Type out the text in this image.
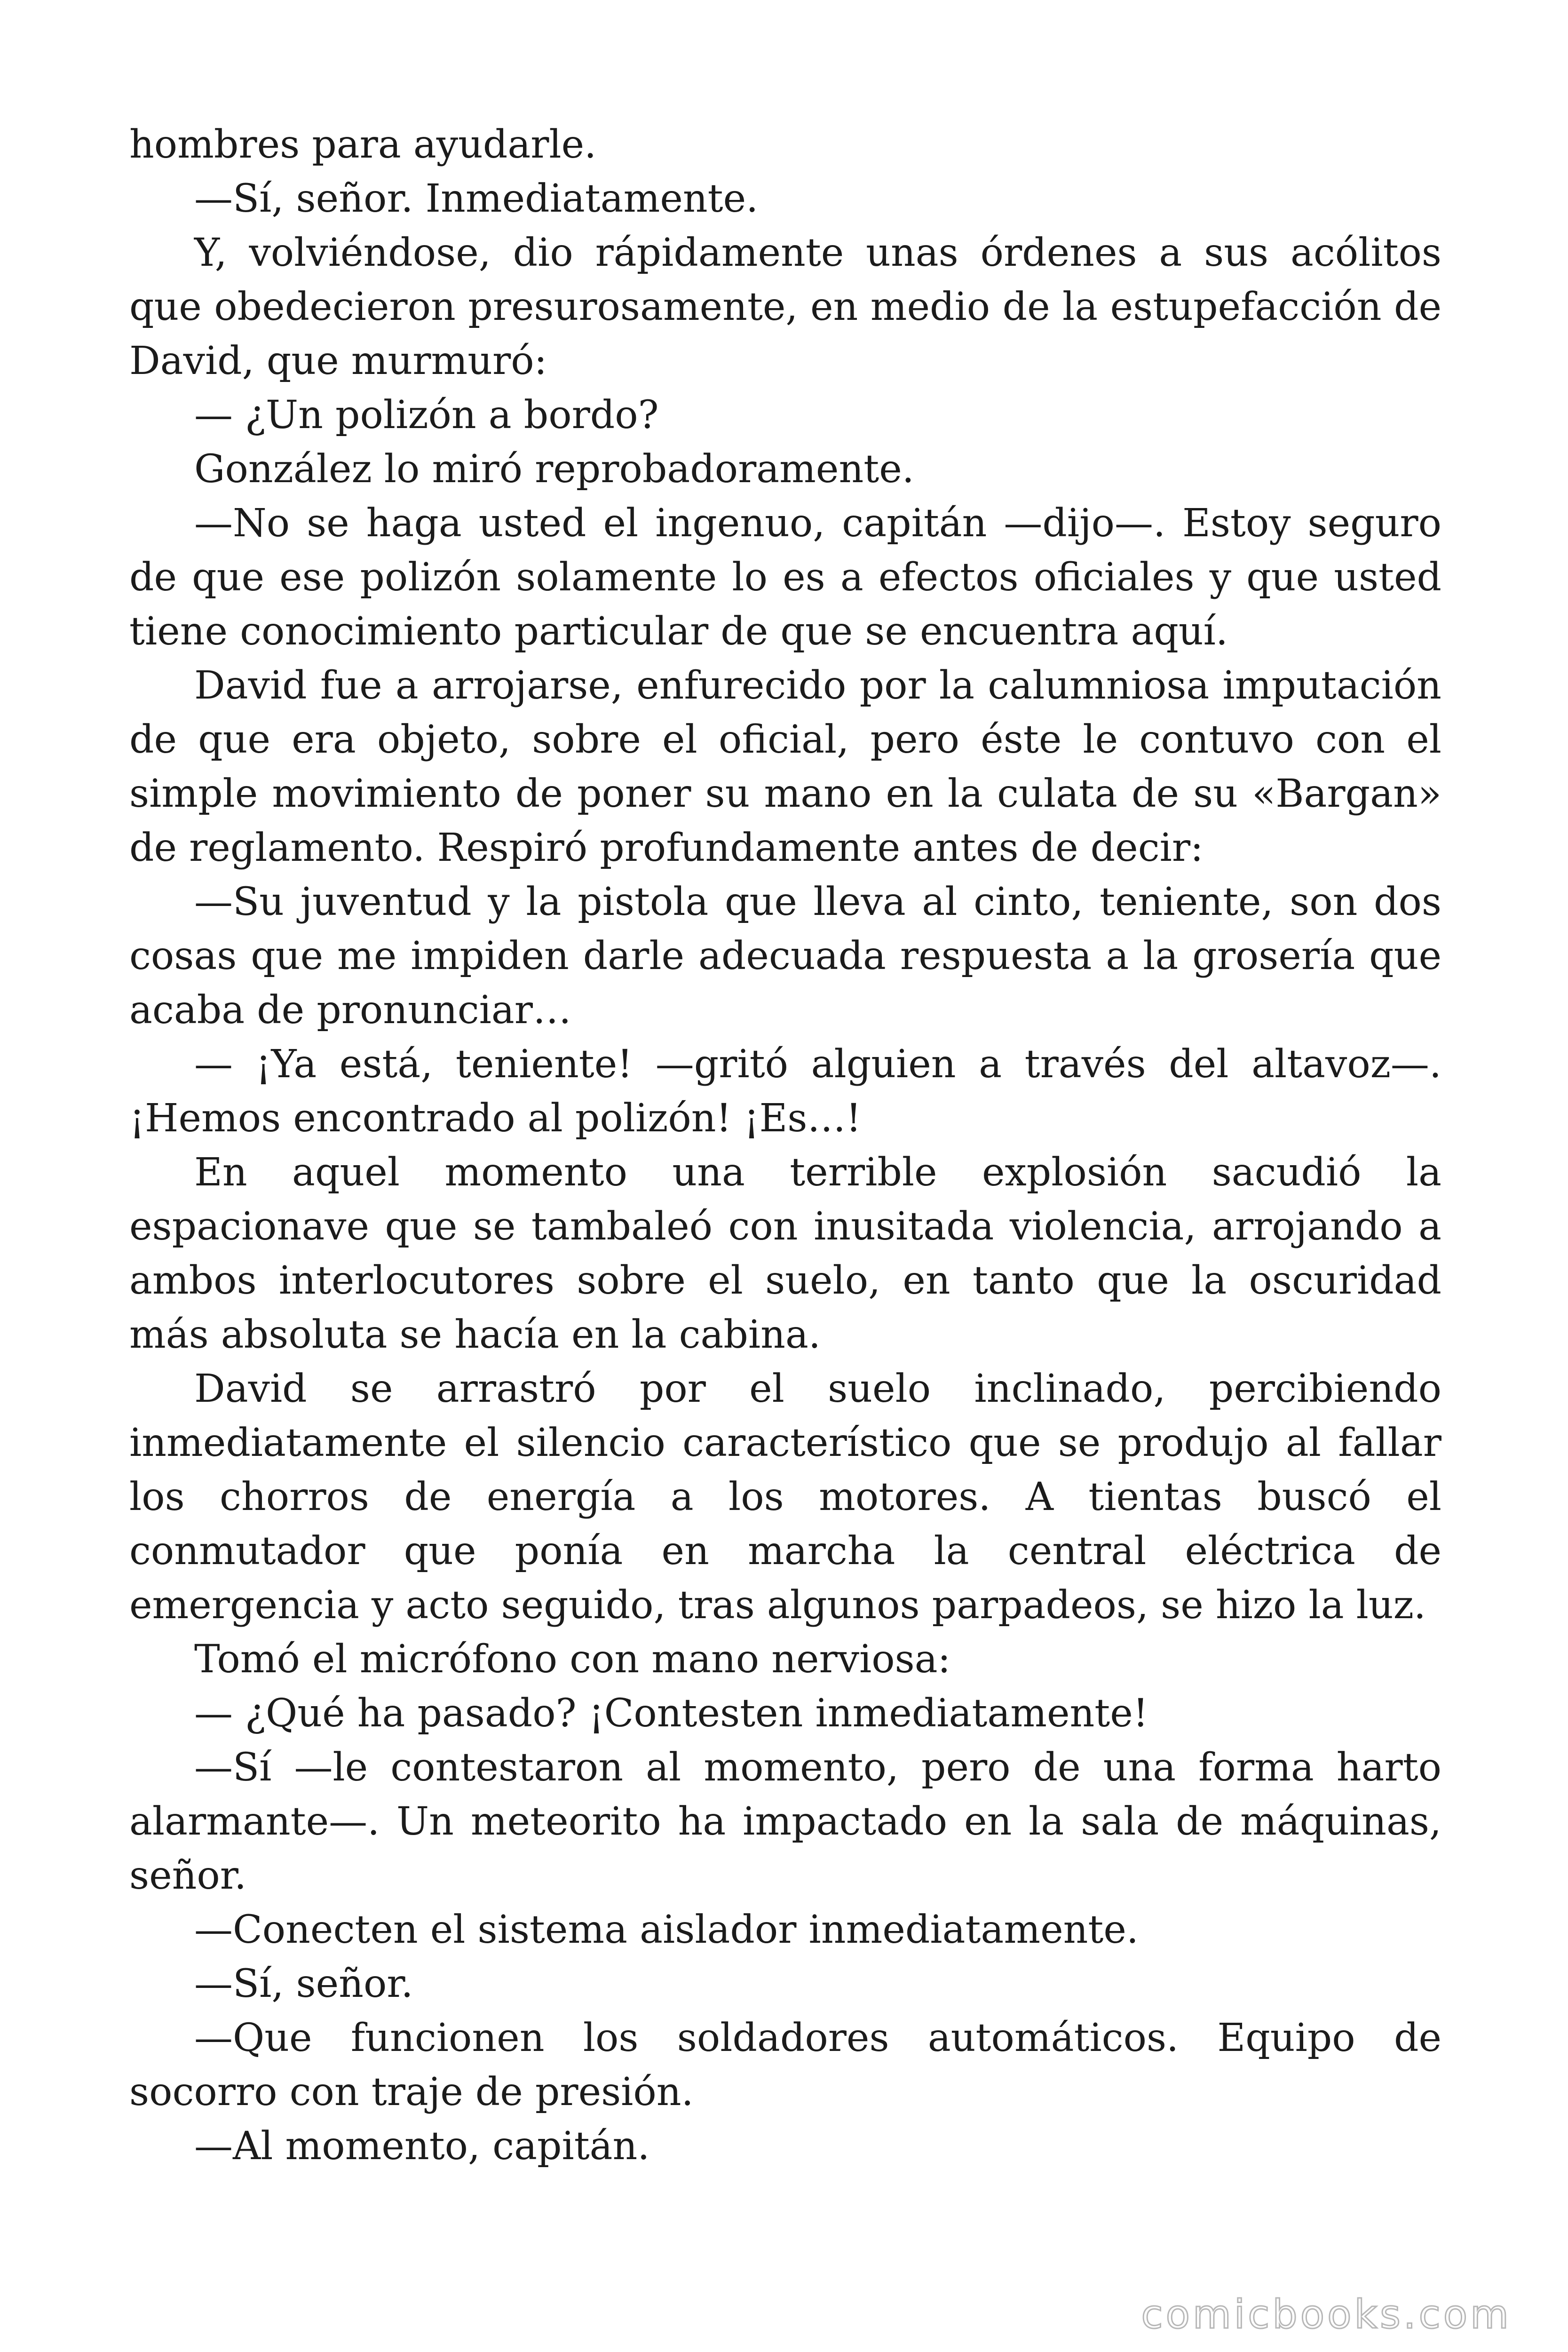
hombres para ayudarle.

—Sí, señor. Inmediatamente.

Y, volviéndose, dio rápidamente unas órdenes a sus acólitos que obedecieron presurosamente, en medio de la estupefacción de David, que murmuró:

— ¿Un polizón a bordo?

González lo miró reprobadoramente.

—No se haga usted el ingenuo, capitán —dijo—. Estoy seguro de que ese polizón solamente lo es a efectos oficiales y que usted tiene conocimiento particular de que se encuentra aquí.

David fue a arrojarse, enfurecido por la calumniosa imputación de que era objeto, sobre el oficial, pero éste le contuvo con el simple movimiento de poner su mano en la culata de su «Bargan» de reglamento. Respiró profundamente antes de decir:

—Su juventud y la pistola que lleva al cinto, teniente, son dos cosas que me impiden darle adecuada respuesta a la grosería que acaba de pronunciar…

— ¡Ya está, teniente! —gritó alguien a través del altavoz—. ¡Hemos encontrado al polizón! ¡Es…!

En aquel momento una terrible explosión sacudió la espacionave que se tambaleó con inusitada violencia, arrojando a ambos interlocutores sobre el suelo, en tanto que la oscuridad más absoluta se hacía en la cabina.

David se arrastró por el suelo inclinado, percibiendo inmediatamente el silencio característico que se produjo al fallar los chorros de energía a los motores. A tientas buscó el conmutador que ponía en marcha la central eléctrica de emergencia y acto seguido, tras algunos parpadeos, se hizo la luz.

Tomó el micrófono con mano nerviosa:

— ¿Qué ha pasado? ¡Contesten inmediatamente!

—Sí —le contestaron al momento, pero de una forma harto alarmante—. Un meteorito ha impactado en la sala de máquinas, señor.

—Conecten el sistema aislador inmediatamente.

—Sí, señor.

—Que funcionen los soldadores automáticos. Equipo de socorro con traje de presión.

—Al momento, capitán.

comicbooks.com
